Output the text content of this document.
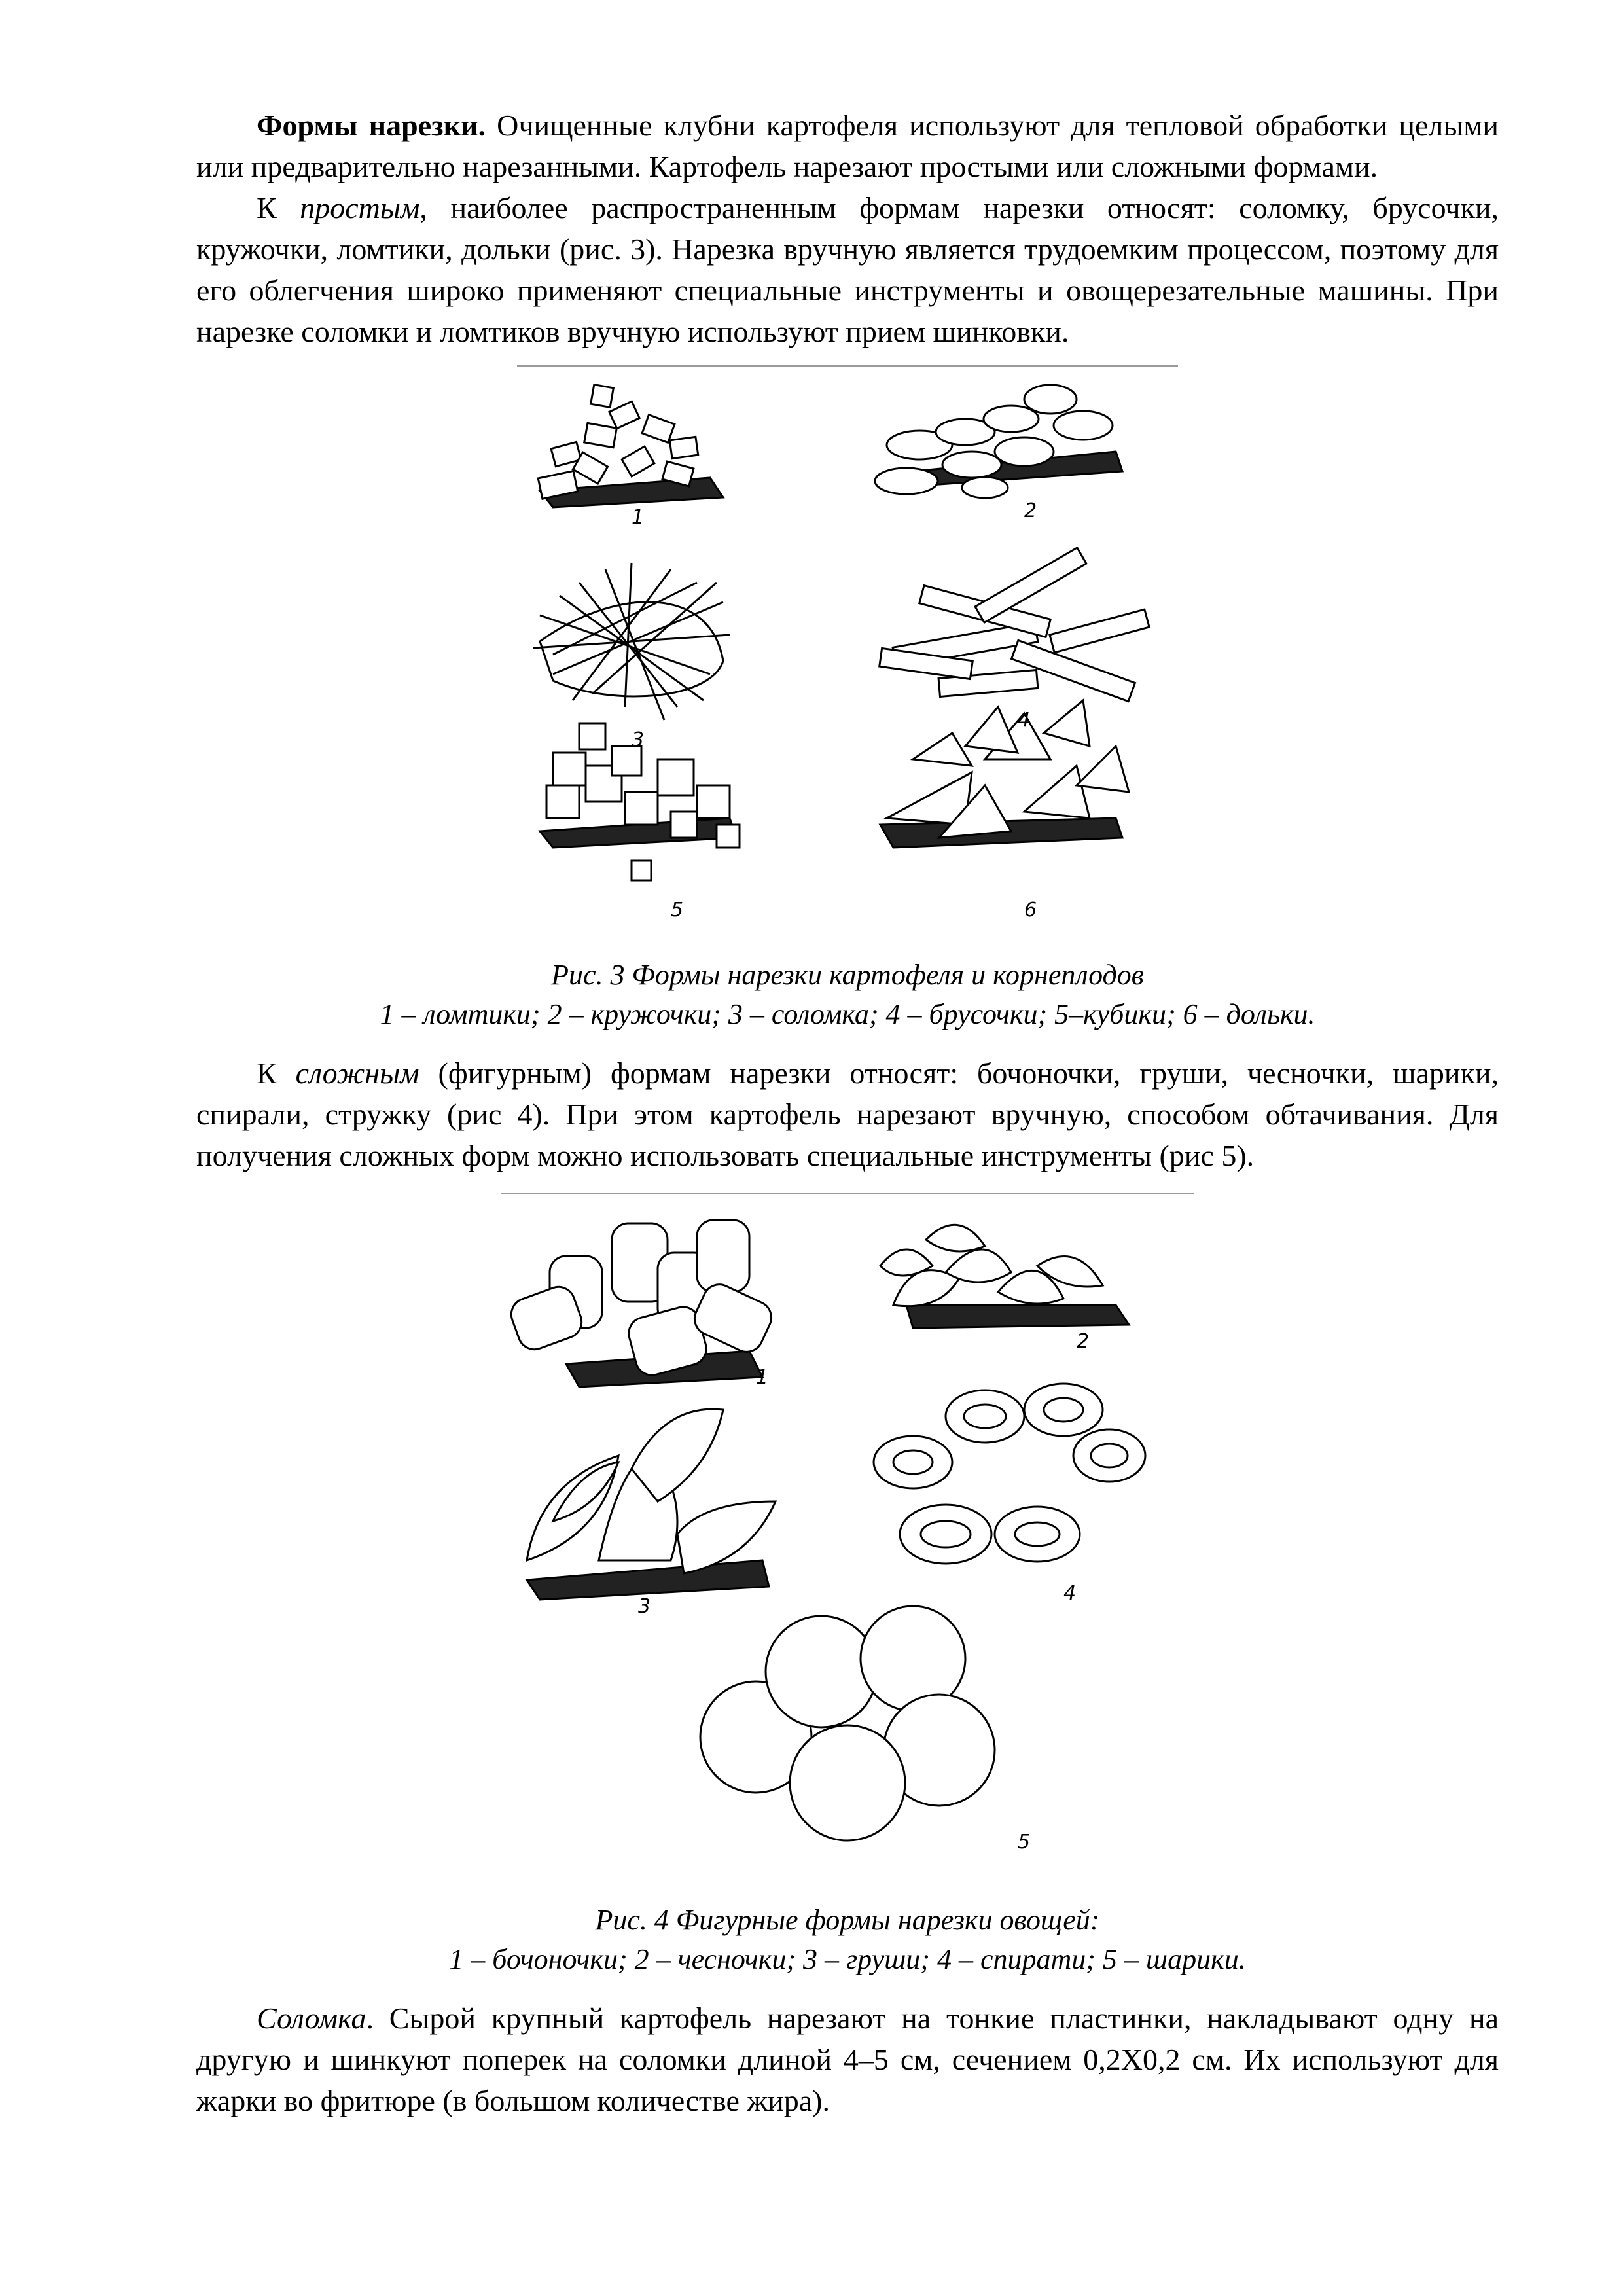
Формы нарезки. Очищенные клубни картофеля используют для тепловой обработки целыми или предварительно нарезанными. Картофель нарезают простыми или сложными формами.

К простым, наиболее распространенным формам нарезки относят: соломку, брусочки, кружочки, ломтики, дольки (рис. 3). Нарезка вручную является трудоемким процессом, поэтому для его облегчения широко применяют специальные инструменты и овощерезательные машины. При нарезке соломки и ломтиков вручную используют прием шинковки.

1	2
3
4
5	6

Рис. 3 Формы нарезки картофеля и корнеплодов

1 – ломтики; 2 – кружочки; 3 – соломка; 4 – брусочки; 5–кубики; 6 – дольки.

К сложным (фигурным) формам нарезки относят: бочоночки, груши, чесночки, шарики, спирали, стружку (рис 4). При этом картофель нарезают вручную, способом обтачивания. Для получения сложных форм можно использовать специальные инструменты (рис 5).

1
2
3
4
5

Рис. 4 Фигурные формы нарезки овощей:

1 – бочоночки; 2 – чесночки; 3 – груши; 4 – спирати; 5 – шарики.

Соломка. Сырой крупный картофель нарезают на тонкие пластинки, накладывают одну на другую и шинкуют поперек на соломки длиной 4–5 см, сечением 0,2Х0,2 см. Их используют для жарки во фритюре (в большом количестве жира).
